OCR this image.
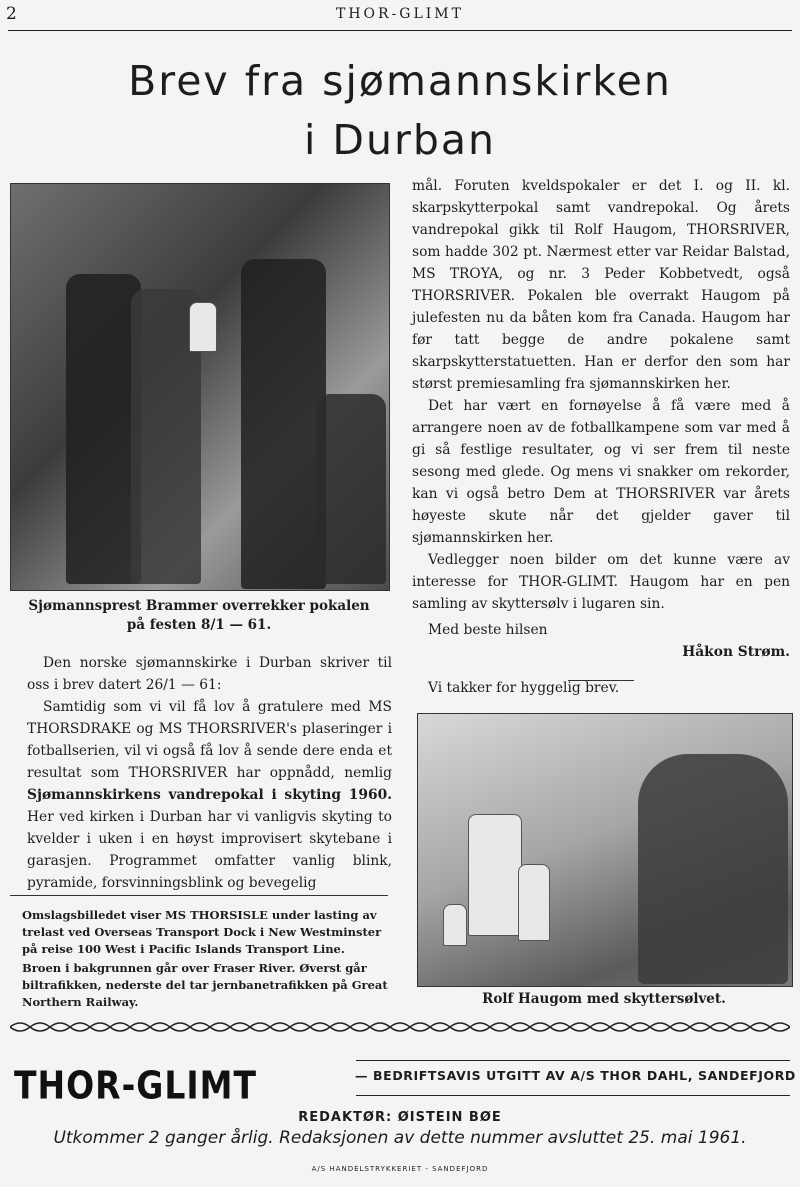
2	THOR-GLIMT
Brev fra sjømannskirken
i Durban
Sjømannsprest Brammer overrekker pokalen
på festen 8/1 — 61.

Den norske sjømannskirke i Durban skriver til oss i brev datert 26/1 — 61:

Samtidig som vi vil få lov å gratulere med MS THORSDRAKE og MS THORSRIVER's plaseringer i fotballserien, vil vi også få lov å sende dere enda et resultat som THORSRIVER har oppnådd, nemlig Sjømannskirkens vandrepokal i skyting 1960. Her ved kirken i Durban har vi vanligvis skyting to kvelder i uken i en høyst improvisert skytebane i garasjen. Programmet omfatter vanlig blink, pyramide, forsvinningsblink og bevegelig

Omslagsbilledet viser MS THORSISLE under lasting av trelast ved Overseas Transport Dock i New Westminster på reise 100 West i Pacific Islands Transport Line.

Broen i bakgrunnen går over Fraser River. Øverst går biltrafikken, nederste del tar jernbanetrafikken på Great Northern Railway.

mål. Foruten kveldspokaler er det I. og II. kl. skarpskytterpokal samt vandrepokal. Og årets vandrepokal gikk til Rolf Haugom, THORSRIVER, som hadde 302 pt. Nærmest etter var Reidar Balstad, MS TROYA, og nr. 3 Peder Kobbetvedt, også THORSRIVER. Pokalen ble overrakt Haugom på julefesten nu da båten kom fra Canada. Haugom har før tatt begge de andre pokalene samt skarpskytterstatuetten. Han er derfor den som har størst premiesamling fra sjømannskirken her.

Det har vært en fornøyelse å få være med å arrangere noen av de fotballkampene som var med å gi så festlige resultater, og vi ser frem til neste sesong med glede. Og mens vi snakker om rekorder, kan vi også betro Dem at THORSRIVER var årets høyeste skute når det gjelder gaver til sjømannskirken her.

Vedlegger noen bilder om det kunne være av interesse for THOR-GLIMT. Haugom har en pen samling av skyttersølv i lugaren sin.

Med beste hilsen

Håkon Strøm.

Vi takker for hyggelig brev.

Rolf Haugom med skyttersølvet.
THOR-GLIMT	— BEDRIFTSAVIS UTGITT AV A/S THOR DAHL, SANDEFJORD
REDAKTØR: ØISTEIN BØE
Utkommer 2 ganger årlig. Redaksjonen av dette nummer avsluttet 25. mai 1961.
A/S HANDELSTRYKKERIET - SANDEFJORD
